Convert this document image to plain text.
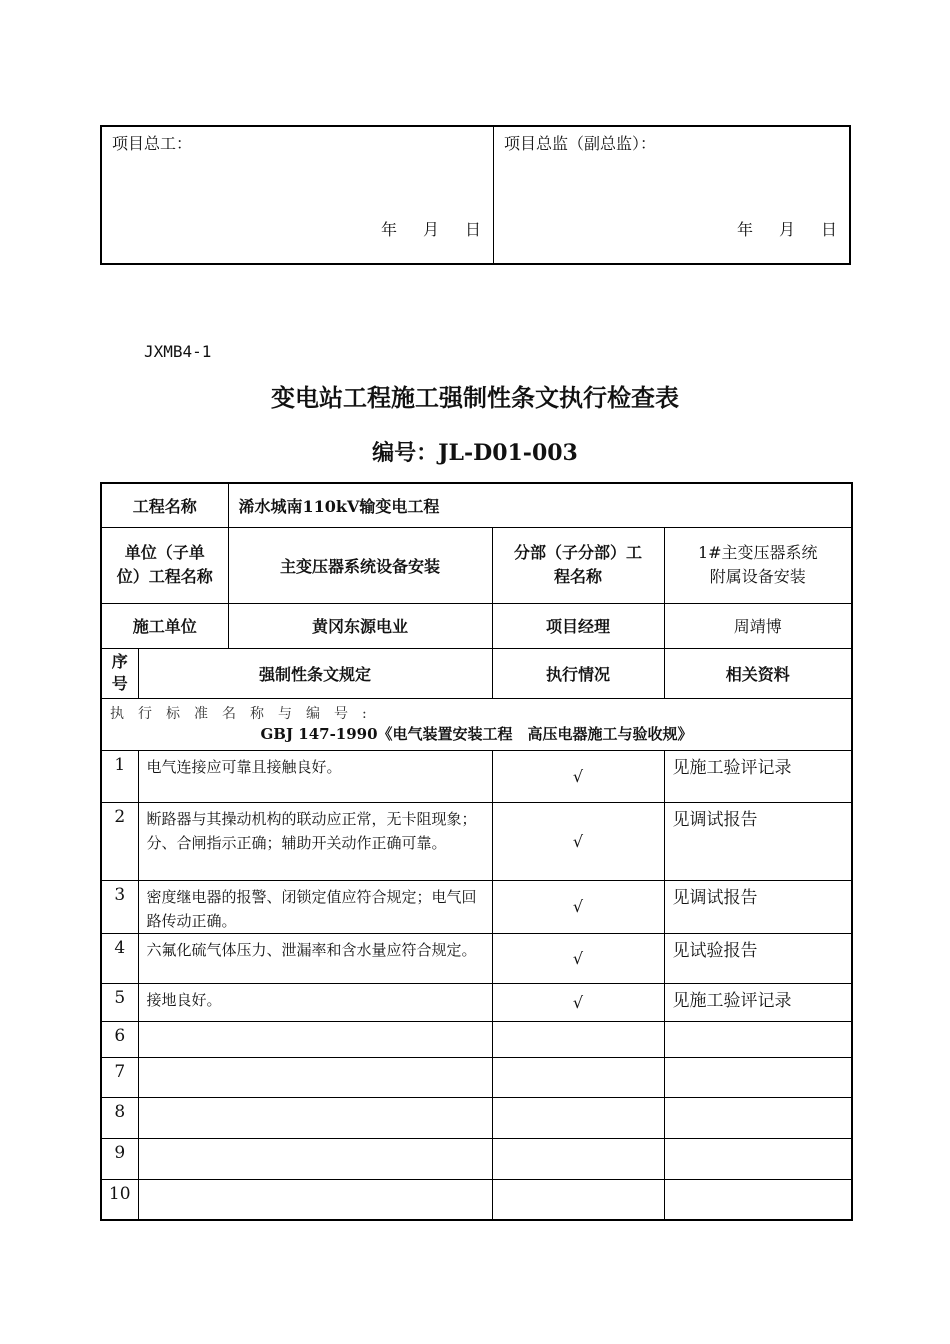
项目总工：
年 月 日

项目总监（副总监）：
年 月 日
JXMB4-1
变电站工程施工强制性条文执行检查表
编号：JL-D01-003
工程名称		浠水城南110kV输变电工程		
单位（子单位）工程名称		主变压器系统设备安装	分部（子分部）工程名称	1#主变压器系统附属设备安装
施工单位		黄冈东源电业	项目经理	周靖博
序号	强制性条文规定		执行情况	相关资料

执行标准名称与编号:
GBJ 147-1990《电气装置安装工程　高压电器施工与验收规》				

1	电气连接应可靠且接触良好。		√	见施工验评记录
2	断路器与其操动机构的联动应正常，无卡阻现象；分、合闸指示正确；辅助开关动作正确可靠。		√	见调试报告
3	密度继电器的报警、闭锁定值应符合规定；电气回路传动正确。		√	见调试报告
4	六氟化硫气体压力、泄漏率和含水量应符合规定。		√	见试验报告
5	接地良好。		√	见施工验评记录
6				
7				
8				
9				
10				
